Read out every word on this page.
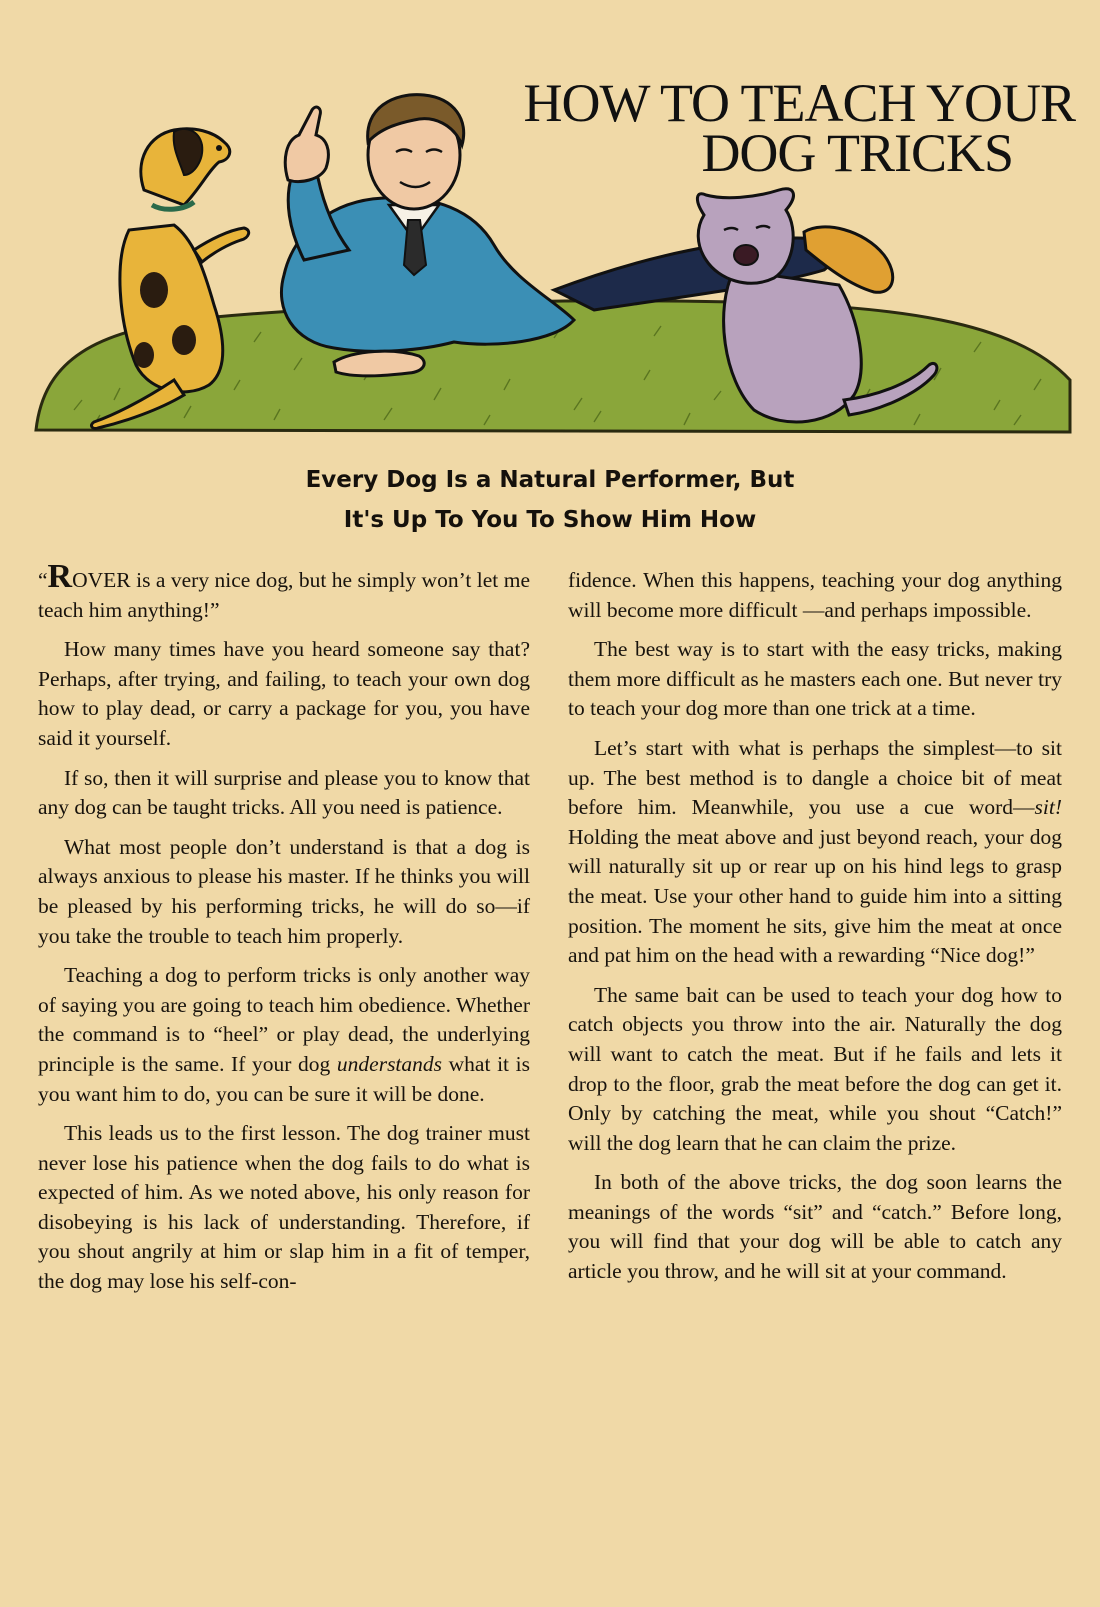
HOW TO TEACH YOUR
DOG TRICKS
Every Dog Is a Natural Performer, But
It's Up To You To Show Him How

“ROVER is a very nice dog, but he simply won’t let me teach him anything!”

How many times have you heard someone say that? Perhaps, after trying, and failing, to teach your own dog how to play dead, or carry a package for you, you have said it yourself.

If so, then it will surprise and please you to know that any dog can be taught tricks. All you need is patience.

What most people don’t understand is that a dog is always anxious to please his master. If he thinks you will be pleased by his performing tricks, he will do so—if you take the trouble to teach him properly.

Teaching a dog to perform tricks is only another way of saying you are going to teach him obedience. Whether the command is to “heel” or play dead, the underlying principle is the same. If your dog understands what it is you want him to do, you can be sure it will be done.

This leads us to the first lesson. The dog trainer must never lose his patience when the dog fails to do what is expected of him. As we noted above, his only reason for disobeying is his lack of understanding. Therefore, if you shout angrily at him or slap him in a fit of temper, the dog may lose his self-con-

fidence. When this happens, teaching your dog anything will become more difficult —and perhaps impossible.

The best way is to start with the easy tricks, making them more difficult as he masters each one. But never try to teach your dog more than one trick at a time.

Let’s start with what is perhaps the simplest—to sit up. The best method is to dangle a choice bit of meat before him. Meanwhile, you use a cue word—sit! Holding the meat above and just beyond reach, your dog will naturally sit up or rear up on his hind legs to grasp the meat. Use your other hand to guide him into a sitting position. The moment he sits, give him the meat at once and pat him on the head with a rewarding “Nice dog!”

The same bait can be used to teach your dog how to catch objects you throw into the air. Naturally the dog will want to catch the meat. But if he fails and lets it drop to the floor, grab the meat before the dog can get it. Only by catching the meat, while you shout “Catch!” will the dog learn that he can claim the prize.

In both of the above tricks, the dog soon learns the meanings of the words “sit” and “catch.” Before long, you will find that your dog will be able to catch any article you throw, and he will sit at your command.
